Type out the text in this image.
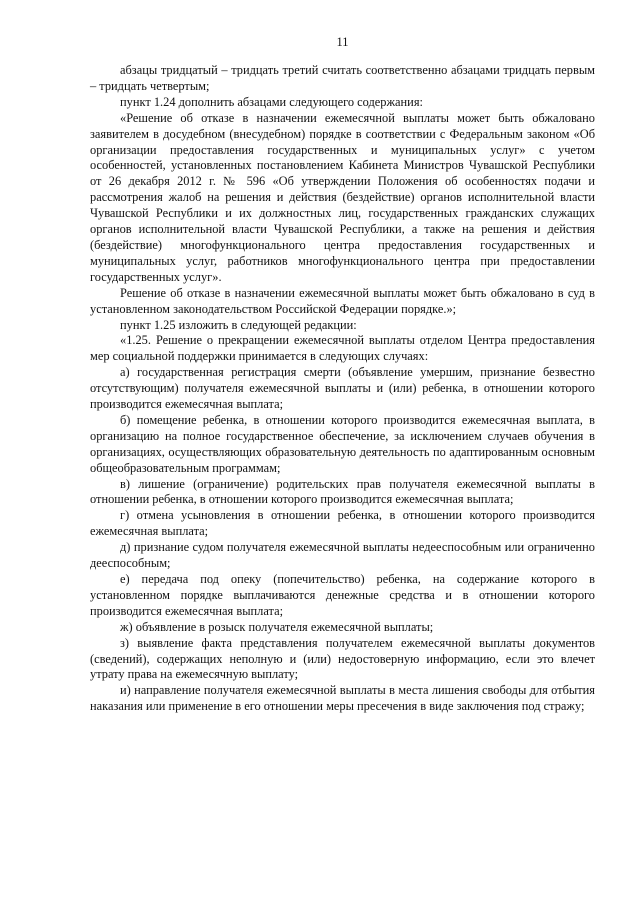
11

абзацы тридцатый – тридцать третий считать соответственно абзацами тридцать первым – тридцать четвертым;

пункт 1.24 дополнить абзацами следующего содержания:

«Решение об отказе в назначении ежемесячной выплаты может быть обжаловано заявителем в досудебном (внесудебном) порядке в соответствии с Федеральным законом «Об организации предоставления государственных и муниципальных услуг» с учетом особенностей, установленных постановлением Кабинета Министров Чувашской Республики от 26 декабря 2012 г. № 596 «Об утверждении Положения об особенностях подачи и рассмотрения жалоб на решения и действия (бездействие) органов исполнительной власти Чувашской Республики и их должностных лиц, государственных гражданских служащих органов исполнительной власти Чувашской Республики, а также на решения и действия (бездействие) многофункционального центра предоставления государственных и муниципальных услуг, работников многофункционального центра при предоставлении государственных услуг».

Решение об отказе в назначении ежемесячной выплаты может быть обжаловано в суд в установленном законодательством Российской Федерации порядке.»;

пункт 1.25 изложить в следующей редакции:

«1.25. Решение о прекращении ежемесячной выплаты отделом Центра предоставления мер социальной поддержки принимается в следующих случаях:

а) государственная регистрация смерти (объявление умершим, признание безвестно отсутствующим) получателя ежемесячной выплаты и (или) ребенка, в отношении которого производится ежемесячная выплата;

б) помещение ребенка, в отношении которого производится ежемесячная выплата, в организацию на полное государственное обеспечение, за исключением случаев обучения в организациях, осуществляющих образовательную деятельность по адаптированным основным общеобразовательным программам;

в) лишение (ограничение) родительских прав получателя ежемесячной выплаты в отношении ребенка, в отношении которого производится ежемесячная выплата;

г) отмена усыновления в отношении ребенка, в отношении которого производится ежемесячная выплата;

д) признание судом получателя ежемесячной выплаты недееспособным или ограниченно дееспособным;

е) передача под опеку (попечительство) ребенка, на содержание которого в установленном порядке выплачиваются денежные средства и в отношении которого производится ежемесячная выплата;

ж) объявление в розыск получателя ежемесячной выплаты;

з) выявление факта представления получателем ежемесячной выплаты документов (сведений), содержащих неполную и (или) недостоверную информацию, если это влечет утрату права на ежемесячную выплату;

и) направление получателя ежемесячной выплаты в места лишения свободы для отбытия наказания или применение в его отношении меры пресечения в виде заключения под стражу;
